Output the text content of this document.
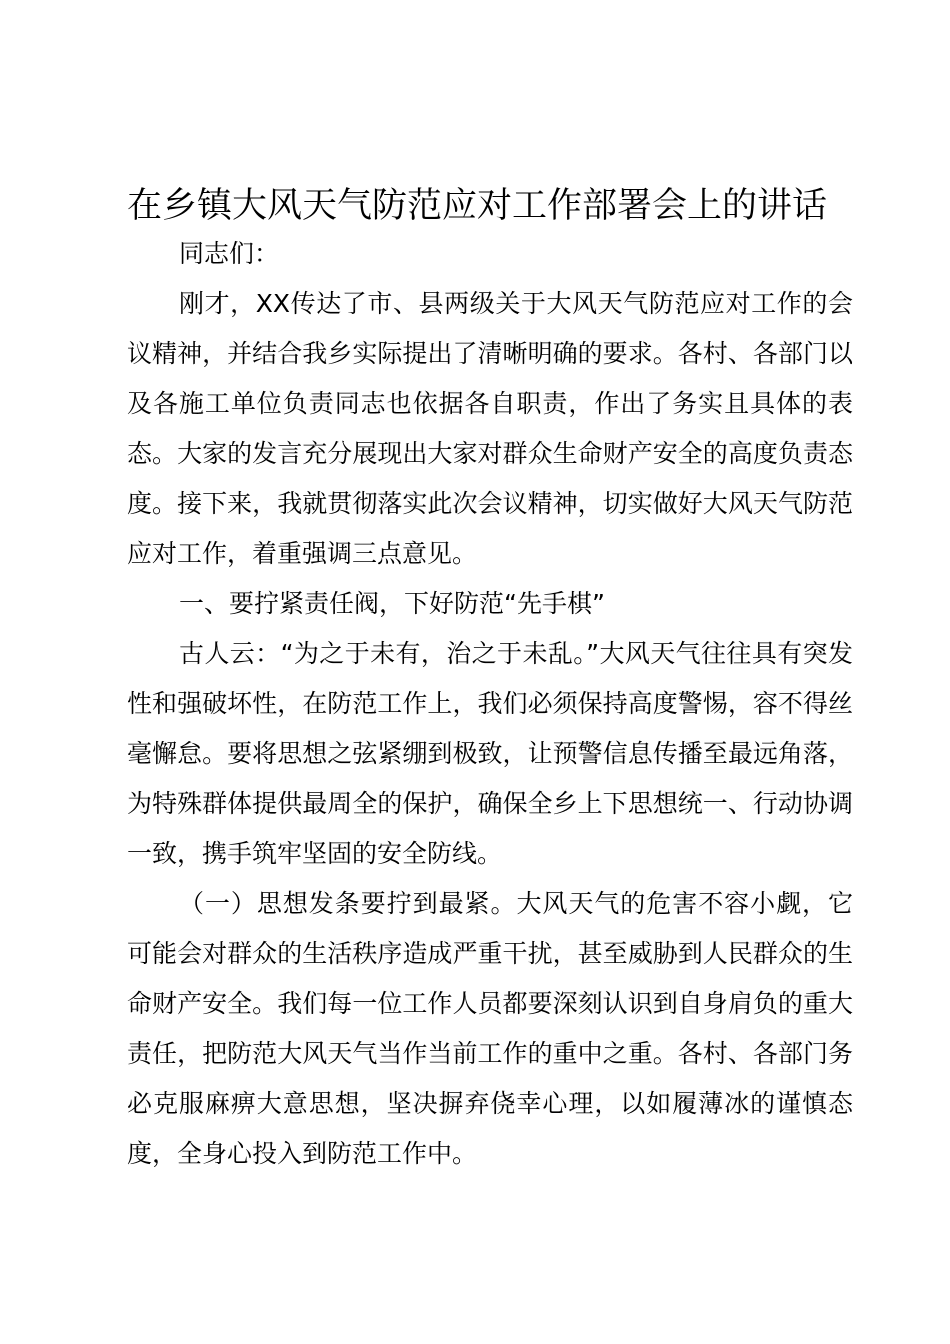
在乡镇大风天气防范应对工作部署会上的讲话

同志们：

刚才，XX传达了市、县两级关于大风天气防范应对工作的会议精神，并结合我乡实际提出了清晰明确的要求。各村、各部门以及各施工单位负责同志也依据各自职责，作出了务实且具体的表态。大家的发言充分展现出大家对群众生命财产安全的高度负责态度。接下来，我就贯彻落实此次会议精神，切实做好大风天气防范应对工作，着重强调三点意见。

一、要拧紧责任阀，下好防范“先手棋”

古人云：“为之于未有，治之于未乱。”大风天气往往具有突发性和强破坏性，在防范工作上，我们必须保持高度警惕，容不得丝毫懈怠。要将思想之弦紧绷到极致，让预警信息传播至最远角落，为特殊群体提供最周全的保护，确保全乡上下思想统一、行动协调一致，携手筑牢坚固的安全防线。

（一）思想发条要拧到最紧。大风天气的危害不容小觑，它可能会对群众的生活秩序造成严重干扰，甚至威胁到人民群众的生命财产安全。我们每一位工作人员都要深刻认识到自身肩负的重大责任，把防范大风天气当作当前工作的重中之重。各村、各部门务必克服麻痹大意思想，坚决摒弃侥幸心理，以如履薄冰的谨慎态度，全身心投入到防范工作中。
